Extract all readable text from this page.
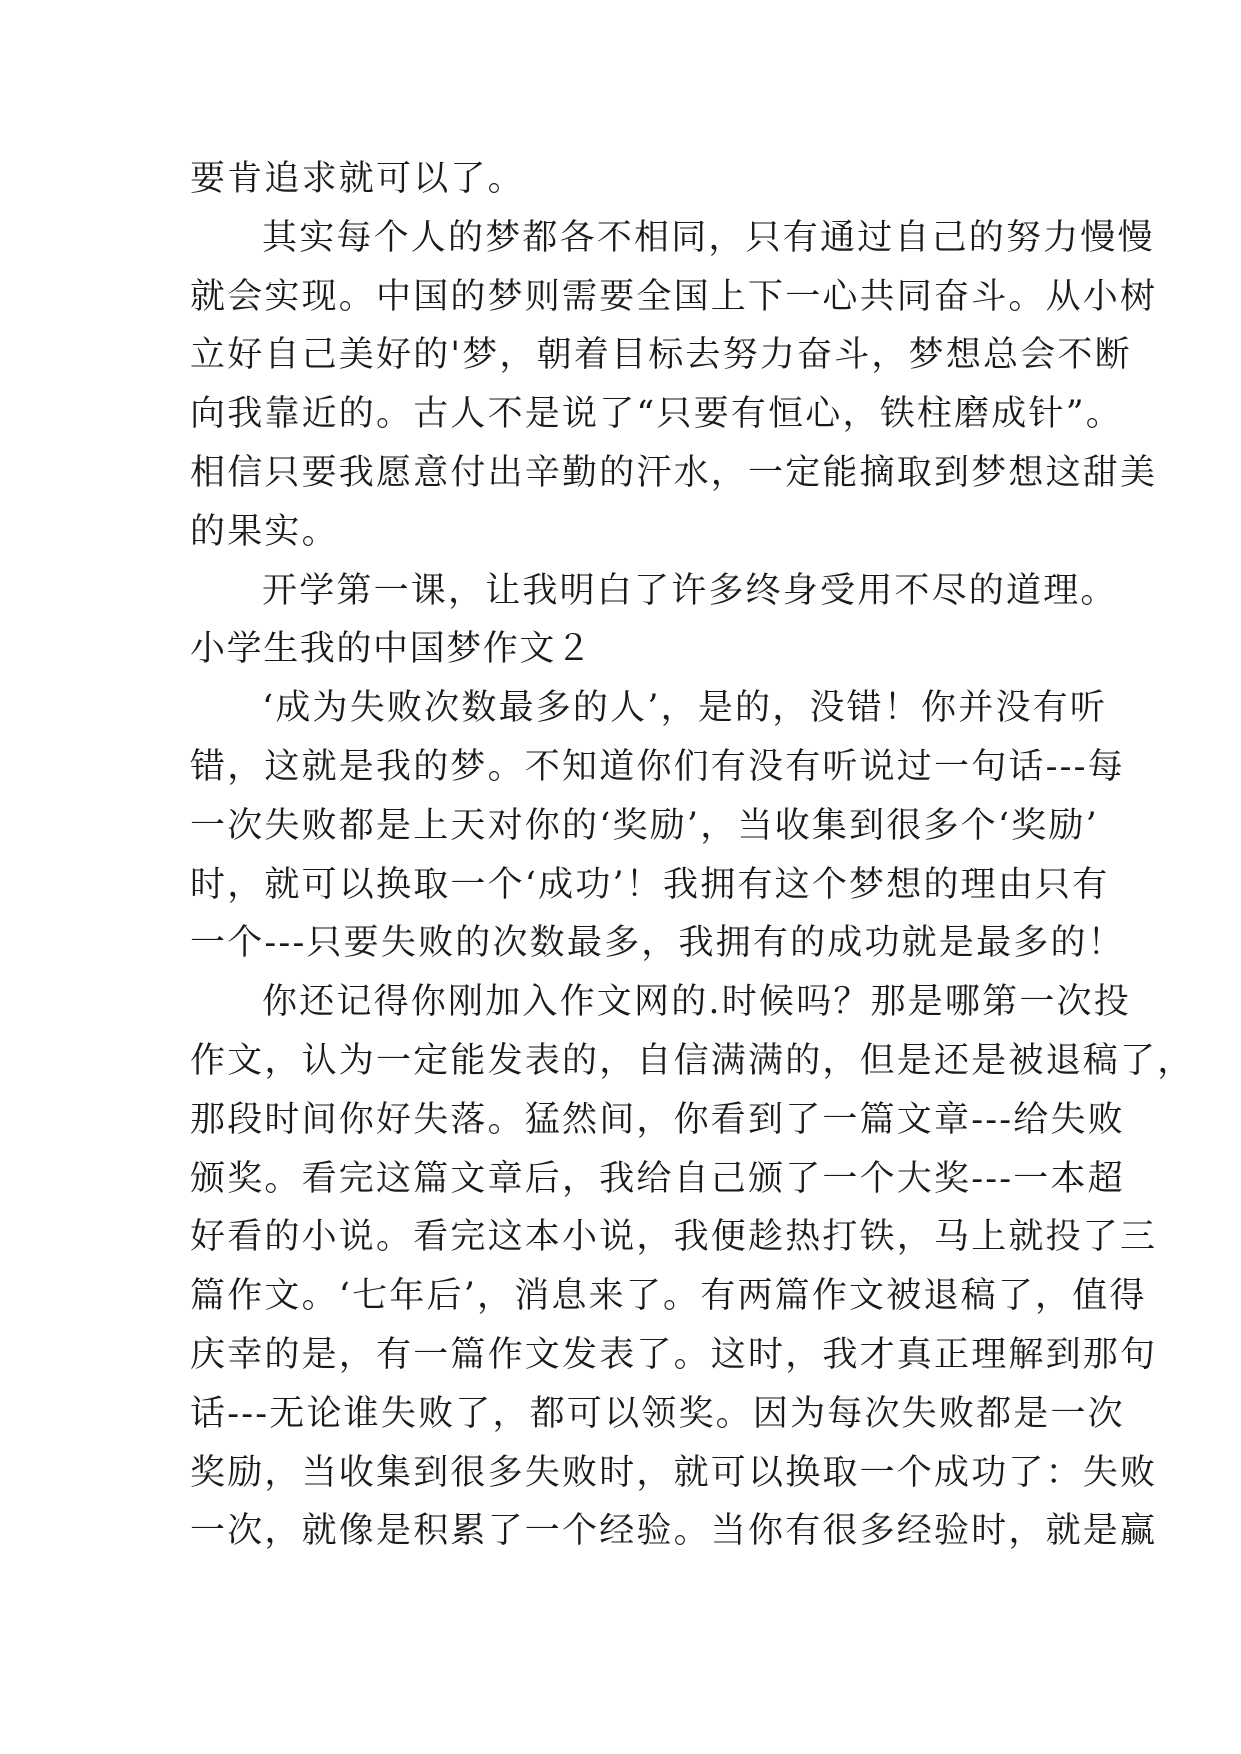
要肯追求就可以了。
其实每个人的梦都各不相同，只有通过自己的努力慢慢
就会实现。中国的梦则需要全国上下一心共同奋斗。从小树
立好自己美好的'梦，朝着目标去努力奋斗，梦想总会不断
向我靠近的。古人不是说了“只要有恒心，铁柱磨成针”。
相信只要我愿意付出辛勤的汗水，一定能摘取到梦想这甜美
的果实。
开学第一课，让我明白了许多终身受用不尽的道理。
小学生我的中国梦作文２
‘成为失败次数最多的人’，是的，没错！你并没有听
错，这就是我的梦。不知道你们有没有听说过一句话---每
一次失败都是上天对你的‘奖励’，当收集到很多个‘奖励’
时，就可以换取一个‘成功’！我拥有这个梦想的理由只有
一个---只要失败的次数最多，我拥有的成功就是最多的！
你还记得你刚加入作文网的.时候吗？那是哪第一次投
作文，认为一定能发表的，自信满满的，但是还是被退稿了，
那段时间你好失落。猛然间，你看到了一篇文章---给失败
颁奖。看完这篇文章后，我给自己颁了一个大奖---一本超
好看的小说。看完这本小说，我便趁热打铁，马上就投了三
篇作文。‘七年后’，消息来了。有两篇作文被退稿了，值得
庆幸的是，有一篇作文发表了。这时，我才真正理解到那句
话---无论谁失败了，都可以领奖。因为每次失败都是一次
奖励，当收集到很多失败时，就可以换取一个成功了：失败
一次，就像是积累了一个经验。当你有很多经验时，就是赢
